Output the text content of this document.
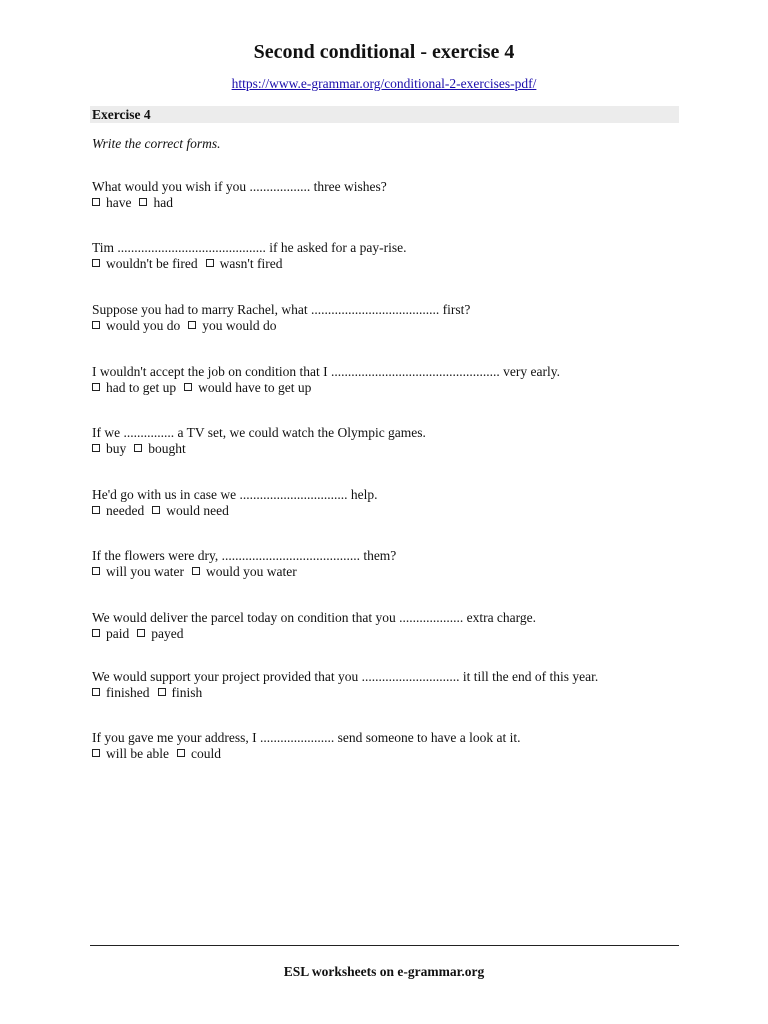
Second conditional - exercise 4
https://www.e-grammar.org/conditional-2-exercises-pdf/
Exercise 4
Write the correct forms.
What would you wish if you .................. three wishes?
have had
Tim ............................................ if he asked for a pay-rise.
wouldn't be fired wasn't fired
Suppose you had to marry Rachel, what ...................................... first?
would you do you would do
I wouldn't accept the job on condition that I .................................................. very early.
had to get up would have to get up
If we ............... a TV set, we could watch the Olympic games.
buy bought
He'd go with us in case we ................................ help.
needed would need
If the flowers were dry, ......................................... them?
will you water would you water
We would deliver the parcel today on condition that you ................... extra charge.
paid payed
We would support your project provided that you ............................. it till the end of this year.
finished finish
If you gave me your address, I ...................... send someone to have a look at it.
will be able could
ESL worksheets on e-grammar.org
